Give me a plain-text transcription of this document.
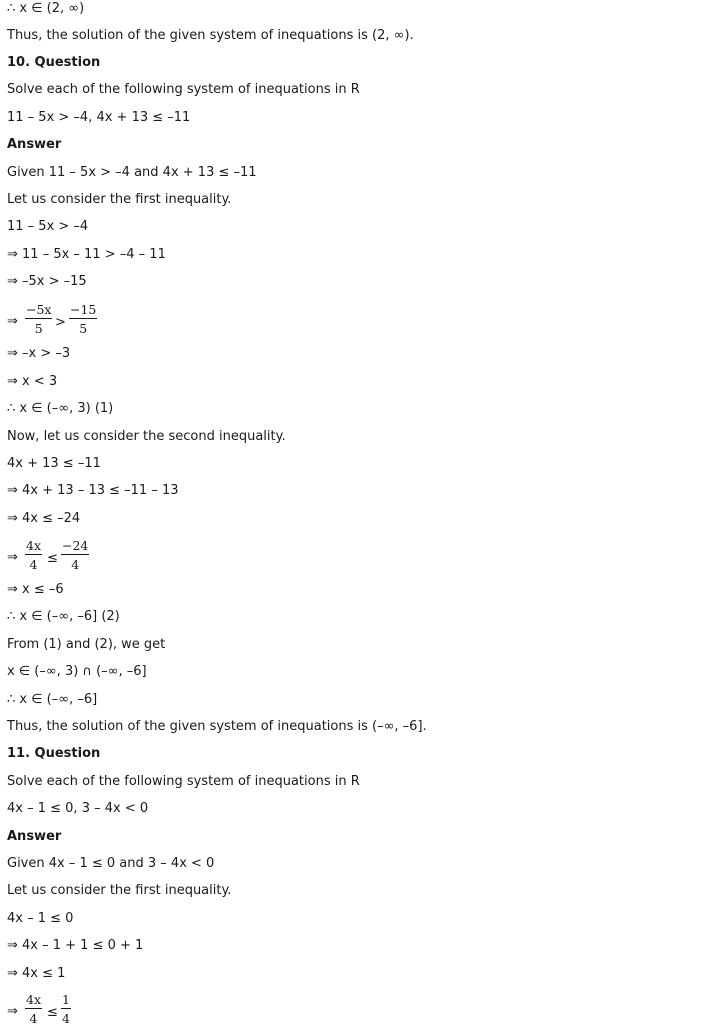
∴ x ∈ (2, ∞)
Thus, the solution of the given system of inequations is (2, ∞).
10. Question
Solve each of the following system of inequations in R
11 – 5x > –4, 4x + 13 ≤ –11
Answer
Given 11 – 5x > –4 and 4x + 13 ≤ –11
Let us consider the first inequality.
11 – 5x > –4
⇒ 11 – 5x – 11 > –4 – 11
⇒ –5x > –15
⇒
−5x
5 >
−15
5
⇒ –x > –3
⇒ x < 3
∴ x ∈ (–∞, 3) (1)
Now, let us consider the second inequality.
4x + 13 ≤ –11
⇒ 4x + 13 – 13 ≤ –11 – 13
⇒ 4x ≤ –24
⇒
4x
4 ≤
−24
4
⇒ x ≤ –6
∴ x ∈ (–∞, –6] (2)
From (1) and (2), we get
x ∈ (–∞, 3) ∩ (–∞, –6]
∴ x ∈ (–∞, –6]
Thus, the solution of the given system of inequations is (–∞, –6].
11. Question
Solve each of the following system of inequations in R
4x – 1 ≤ 0, 3 – 4x < 0
Answer
Given 4x – 1 ≤ 0 and 3 – 4x < 0
Let us consider the first inequality.
4x – 1 ≤ 0
⇒ 4x – 1 + 1 ≤ 0 + 1
⇒ 4x ≤ 1
⇒
4x
4 ≤
1
4
